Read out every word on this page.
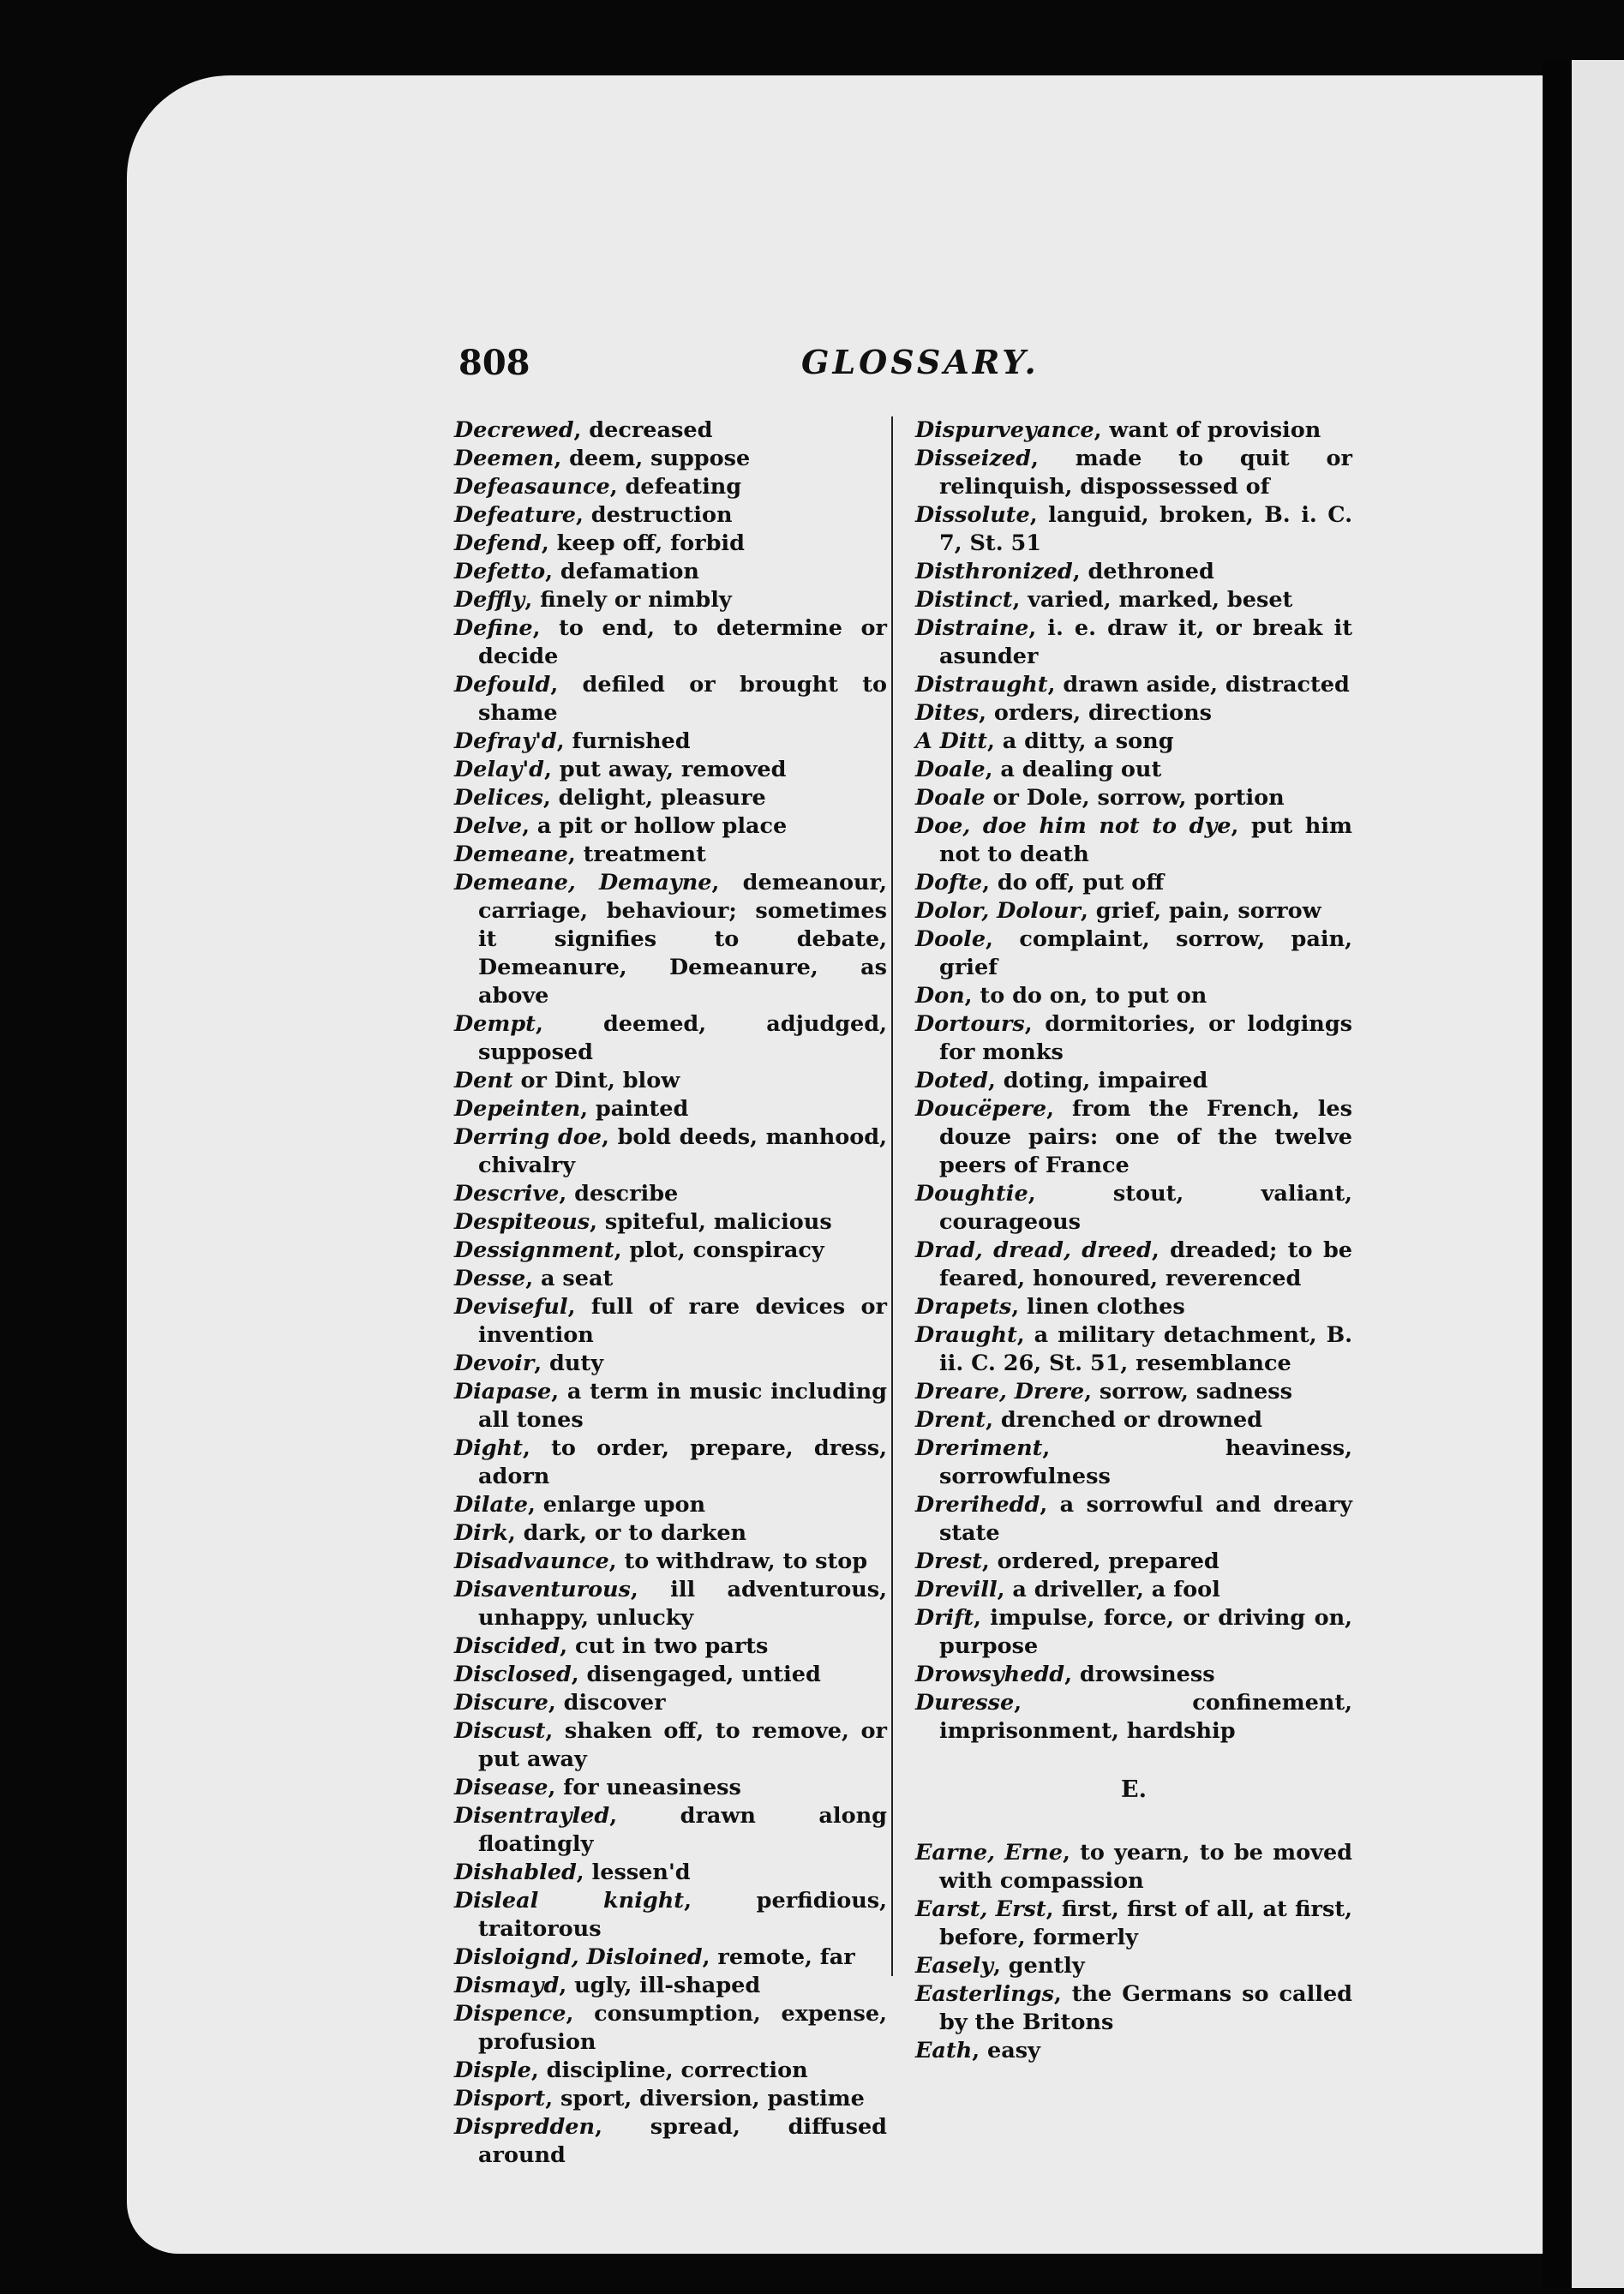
808	GLOSSARY.

Decrewed, decreased

Deemen, deem, suppose

Defeasaunce, defeating

Defeature, destruction

Defend, keep off, forbid

Defetto, defamation

Deffly, finely or nimbly

Define, to end, to determine or decide

Defould, defiled or brought to shame

Defray'd, furnished

Delay'd, put away, removed

Delices, delight, pleasure

Delve, a pit or hollow place

Demeane, treatment

Demeane, Demayne, demeanour, carriage, behaviour; sometimes it signifies to debate, Demeanure, Demeanure, as above

Dempt, deemed, adjudged, supposed

Dent or Dint, blow

Depeinten, painted

Derring doe, bold deeds, manhood, chivalry

Descrive, describe

Despiteous, spiteful, malicious

Dessignment, plot, conspiracy

Desse, a seat

Deviseful, full of rare devices or invention

Devoir, duty

Diapase, a term in music including all tones

Dight, to order, prepare, dress, adorn

Dilate, enlarge upon

Dirk, dark, or to darken

Disadvaunce, to withdraw, to stop

Disaventurous, ill adventurous, unhappy, unlucky

Discided, cut in two parts

Disclosed, disengaged, untied

Discure, discover

Discust, shaken off, to remove, or put away

Disease, for uneasiness

Disentrayled, drawn along floatingly

Dishabled, lessen'd

Disleal knight, perfidious, traitorous

Disloignd, Disloined, remote, far

Dismayd, ugly, ill-shaped

Dispence, consumption, expense, profusion

Disple, discipline, correction

Disport, sport, diversion, pastime

Dispredden, spread, diffused around

Dispurveyance, want of provision

Disseized, made to quit or relinquish, dispossessed of

Dissolute, languid, broken, B. i. C. 7, St. 51

Disthronized, dethroned

Distinct, varied, marked, beset

Distraine, i. e. draw it, or break it asunder

Distraught, drawn aside, distracted

Dites, orders, directions

A Ditt, a ditty, a song

Doale, a dealing out

Doale or Dole, sorrow, portion

Doe, doe him not to dye, put him not to death

Dofte, do off, put off

Dolor, Dolour, grief, pain, sorrow

Doole, complaint, sorrow, pain, grief

Don, to do on, to put on

Dortours, dormitories, or lodgings for monks

Doted, doting, impaired

Doucëpere, from the French, les douze pairs: one of the twelve peers of France

Doughtie, stout, valiant, courageous

Drad, dread, dreed, dreaded; to be feared, honoured, reverenced

Drapets, linen clothes

Draught, a military detachment, B. ii. C. 26, St. 51, resemblance

Dreare, Drere, sorrow, sadness

Drent, drenched or drowned

Dreriment, heaviness, sorrowfulness

Drerihedd, a sorrowful and dreary state

Drest, ordered, prepared

Drevill, a driveller, a fool

Drift, impulse, force, or driving on, purpose

Drowsyhedd, drowsiness

Duresse, confinement, imprisonment, hardship

E.

Earne, Erne, to yearn, to be moved with compassion

Earst, Erst, first, first of all, at first, before, formerly

Easely, gently

Easterlings, the Germans so called by the Britons

Eath, easy
